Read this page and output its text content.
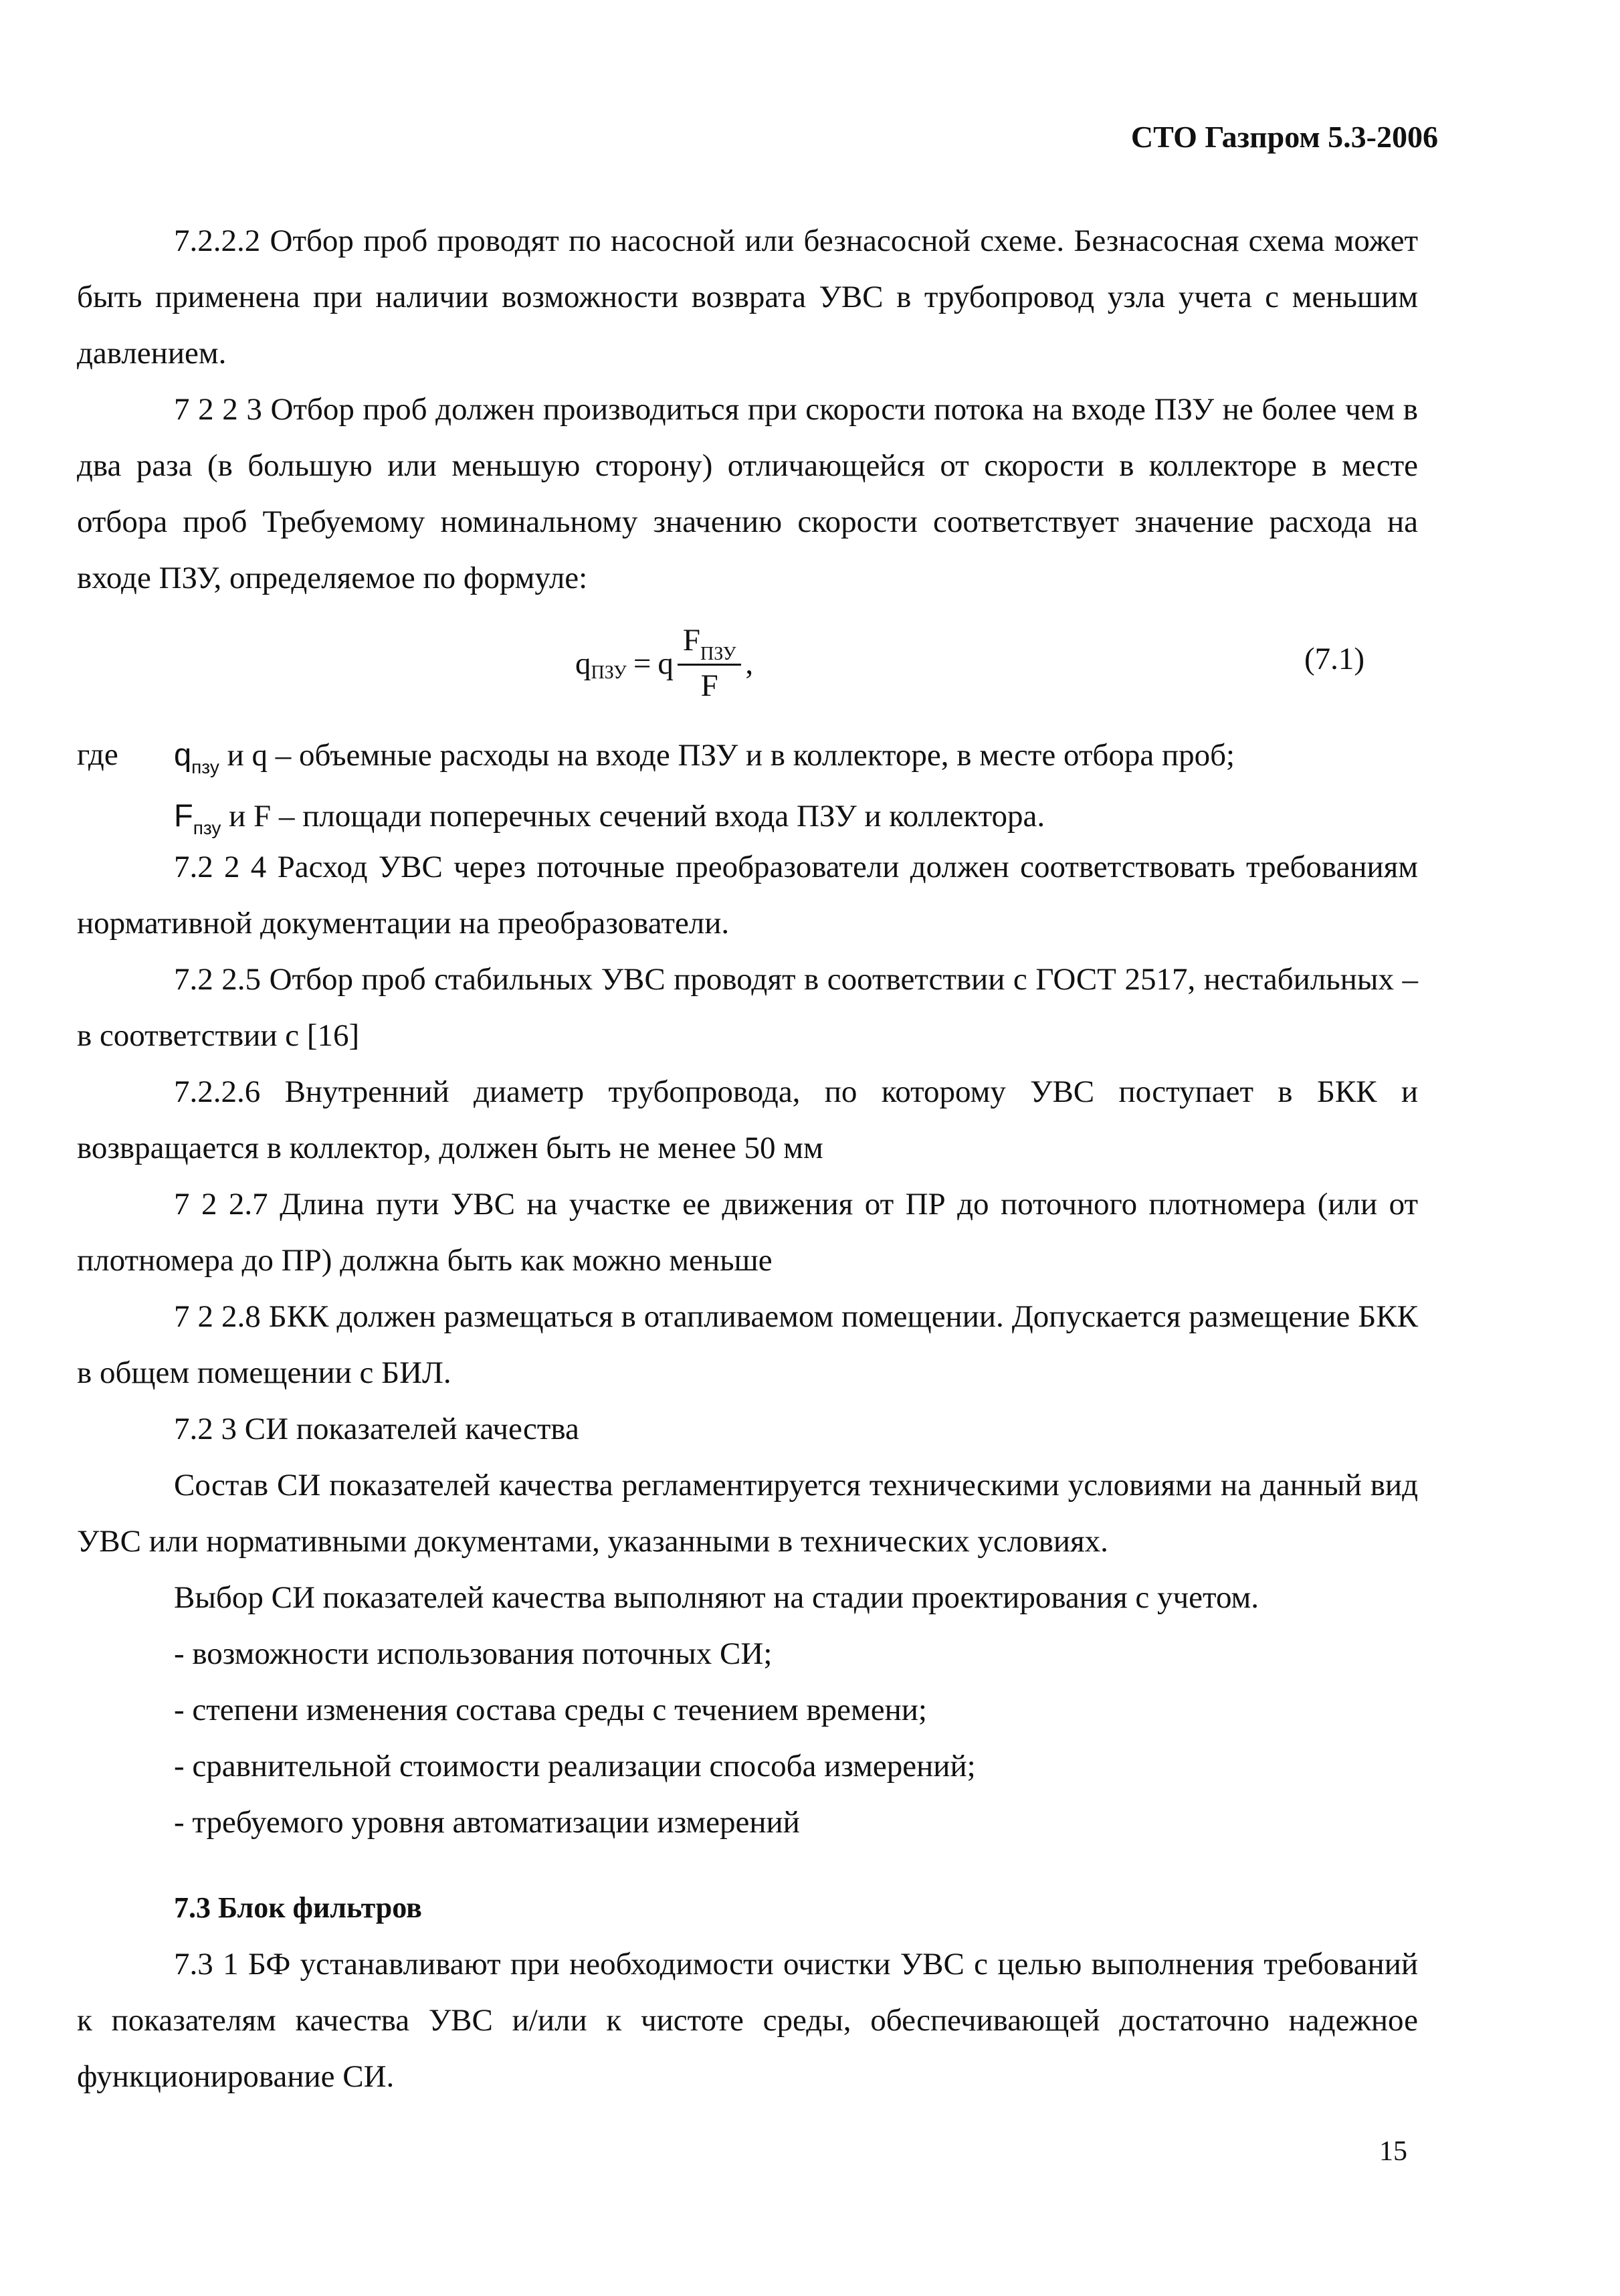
СТО Газпром 5.3-2006

7.2.2.2 Отбор проб проводят по насосной или безнасосной схеме. Безнасосная схема может быть применена при наличии возможности возврата УВС в трубопровод узла учета с меньшим давлением.

7 2 2 3 Отбор проб должен производиться при скорости потока на входе ПЗУ не более чем в два раза (в большую или меньшую сторону) отличающейся от скорости в коллекторе в месте отбора проб Требуемому номинальному значению скорости соответствует значение расхода на входе ПЗУ, определяемое по формуле:

q ПЗУ = q $\frac{F_{ПЗУ}}{F}$ ,	(7.1)
где	$q_{пзу}$ и q – объемные расходы на входе ПЗУ и в коллекторе, в месте отбора проб;
$F_{пзу}$ и F – площади поперечных сечений входа ПЗУ и коллектора.

7.2 2 4 Расход УВС через поточные преобразователи должен соответствовать требованиям нормативной документации на преобразователи.

7.2 2.5 Отбор проб стабильных УВС проводят в соответствии с ГОСТ 2517, нестабильных – в соответствии с [16]

7.2.2.6 Внутренний диаметр трубопровода, по которому УВС поступает в БКК и возвращается в коллектор, должен быть не менее 50 мм

7 2 2.7 Длина пути УВС на участке ее движения от ПР до поточного плотномера (или от плотномера до ПР) должна быть как можно меньше

7 2 2.8 БКК должен размещаться в отапливаемом помещении. Допускается размещение БКК в общем помещении с БИЛ.

7.2 3 СИ показателей качества

Состав СИ показателей качества регламентируется техническими условиями на данный вид УВС или нормативными документами, указанными в технических условиях.

Выбор СИ показателей качества выполняют на стадии проектирования с учетом.

- возможности использования поточных СИ;

- степени изменения состава среды с течением времени;

- сравнительной стоимости реализации способа измерений;

- требуемого уровня автоматизации измерений

7.3 Блок фильтров

7.3 1 БФ устанавливают при необходимости очистки УВС с целью выполнения требований к показателям качества УВС и/или к чистоте среды, обеспечивающей достаточно надежное функционирование СИ.

15
